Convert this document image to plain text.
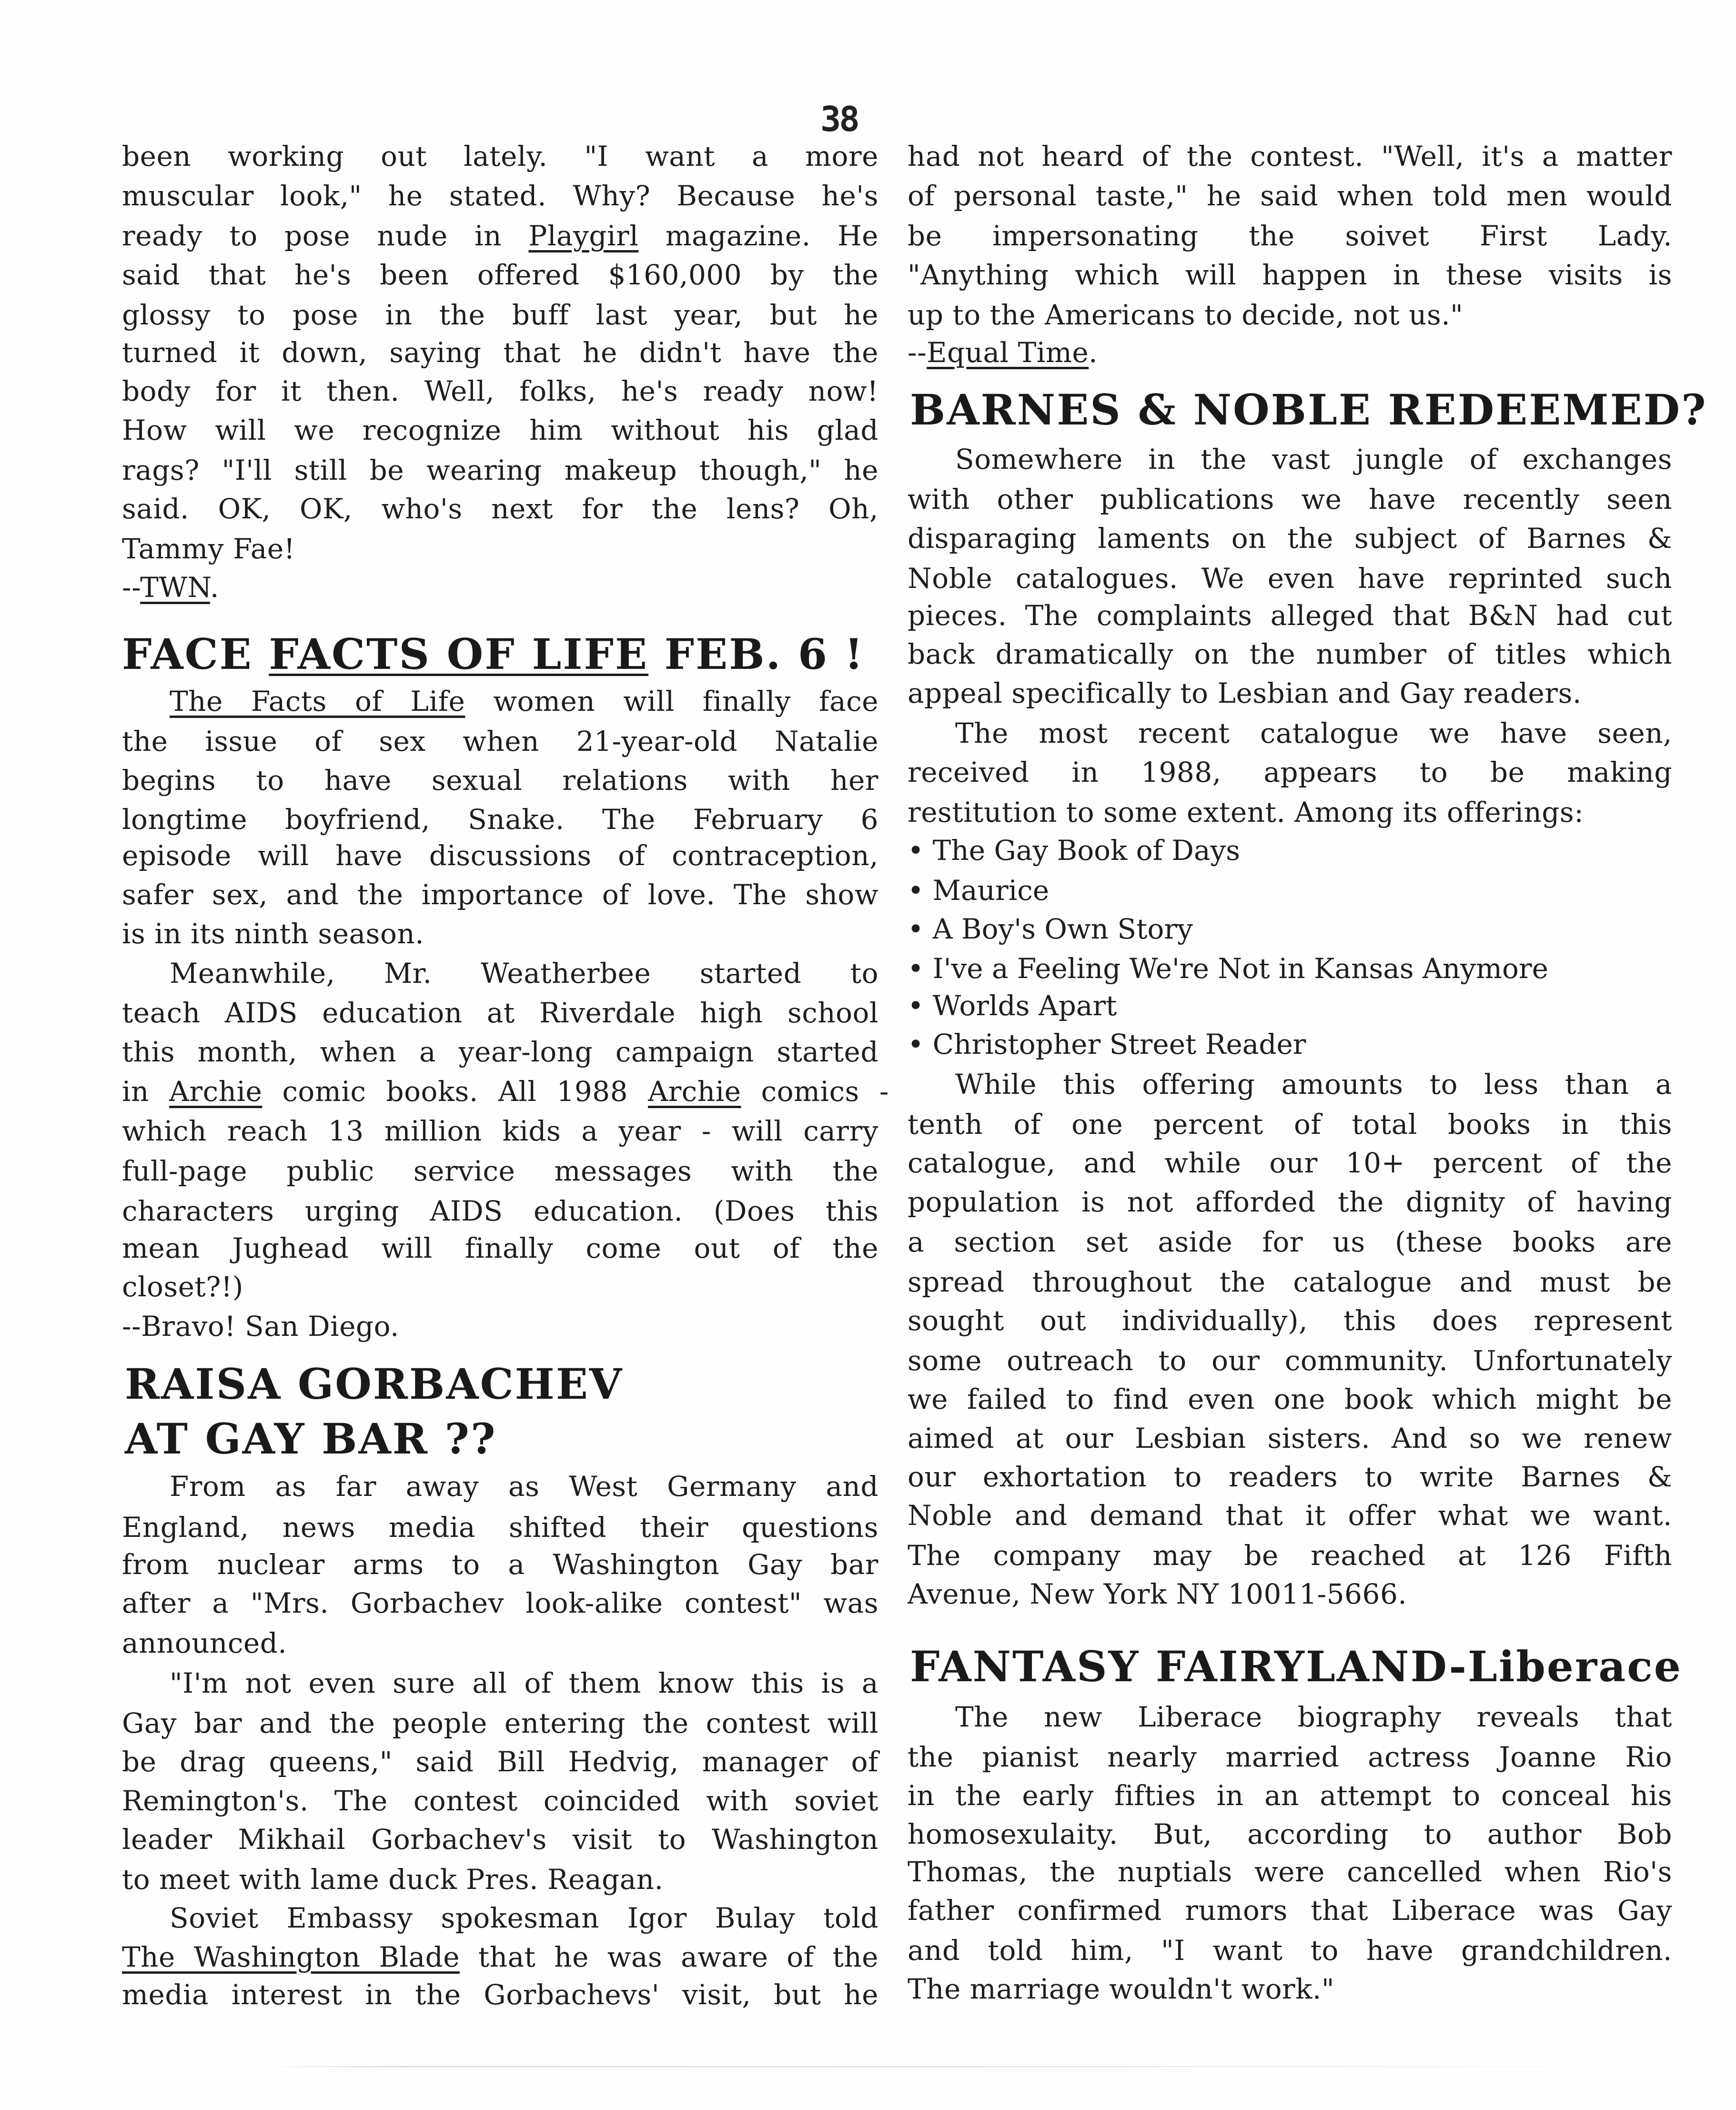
38
been working out lately. "I want a more
muscular look," he stated. Why? Because he's
ready to pose nude in Playgirl magazine. He
said that he's been offered $160,000 by the
glossy to pose in the buff last year, but he
turned it down, saying that he didn't have the
body for it then. Well, folks, he's ready now!
How will we recognize him without his glad
rags? "I'll still be wearing makeup though," he
said. OK, OK, who's next for the lens? Oh,
Tammy Fae!
--TWN.
FACE FACTS OF LIFE FEB. 6 !
The Facts of Life women will finally face
the issue of sex when 21-year-old Natalie
begins to have sexual relations with her
longtime boyfriend, Snake. The February 6
episode will have discussions of contraception,
safer sex, and the importance of love. The show
is in its ninth season.
Meanwhile, Mr. Weatherbee started to
teach AIDS education at Riverdale high school
this month, when a year-long campaign started
in Archie comic books. All 1988 Archie comics -
which reach 13 million kids a year - will carry
full-page public service messages with the
characters urging AIDS education. (Does this
mean Jughead will finally come out of the
closet?!)
--Bravo! San Diego.
RAISA GORBACHEV
AT GAY BAR ??
From as far away as West Germany and
England, news media shifted their questions
from nuclear arms to a Washington Gay bar
after a "Mrs. Gorbachev look-alike contest" was
announced.
"I'm not even sure all of them know this is a
Gay bar and the people entering the contest will
be drag queens," said Bill Hedvig, manager of
Remington's. The contest coincided with soviet
leader Mikhail Gorbachev's visit to Washington
to meet with lame duck Pres. Reagan.
Soviet Embassy spokesman Igor Bulay told
The Washington Blade that he was aware of the
media interest in the Gorbachevs' visit, but he
had not heard of the contest. "Well, it's a matter
of personal taste," he said when told men would
be impersonating the soivet First Lady.
"Anything which will happen in these visits is
up to the Americans to decide, not us."
--Equal Time.
BARNES & NOBLE REDEEMED?
Somewhere in the vast jungle of exchanges
with other publications we have recently seen
disparaging laments on the subject of Barnes &
Noble catalogues. We even have reprinted such
pieces. The complaints alleged that B&N had cut
back dramatically on the number of titles which
appeal specifically to Lesbian and Gay readers.
The most recent catalogue we have seen,
received in 1988, appears to be making
restitution to some extent. Among its offerings:
• The Gay Book of Days
• Maurice
• A Boy's Own Story
• I've a Feeling We're Not in Kansas Anymore
• Worlds Apart
• Christopher Street Reader
While this offering amounts to less than a
tenth of one percent of total books in this
catalogue, and while our 10+ percent of the
population is not afforded the dignity of having
a section set aside for us (these books are
spread throughout the catalogue and must be
sought out individually), this does represent
some outreach to our community. Unfortunately
we failed to find even one book which might be
aimed at our Lesbian sisters. And so we renew
our exhortation to readers to write Barnes &
Noble and demand that it offer what we want.
The company may be reached at 126 Fifth
Avenue, New York NY 10011-5666.
FANTASY FAIRYLAND-Liberace
The new Liberace biography reveals that
the pianist nearly married actress Joanne Rio
in the early fifties in an attempt to conceal his
homosexulaity. But, according to author Bob
Thomas, the nuptials were cancelled when Rio's
father confirmed rumors that Liberace was Gay
and told him, "I want to have grandchildren.
The marriage wouldn't work."
